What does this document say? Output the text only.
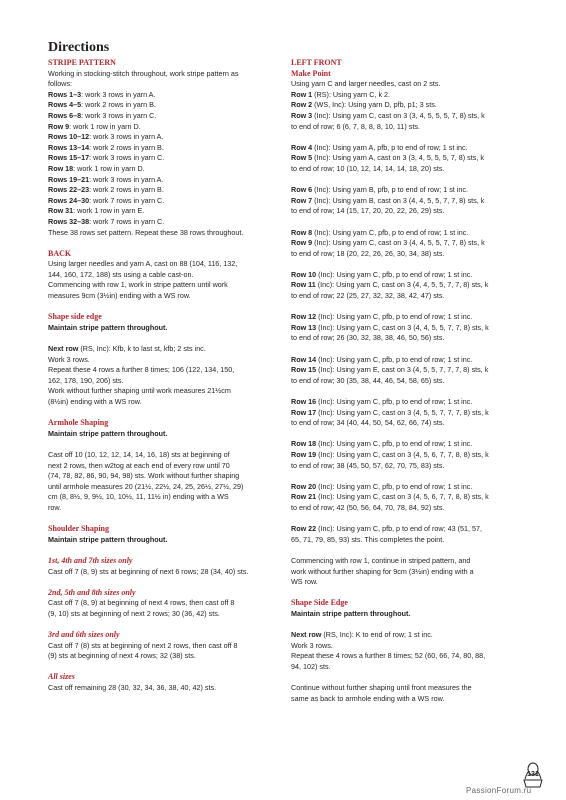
Directions

STRIPE PATTERN

Working in stocking-stitch throughout, work stripe pattern as

follows:

Rows 1–3: work 3 rows in yarn A.

Rows 4–5: work 2 rows in yarn B.

Rows 6–8: work 3 rows in yarn C.

Row 9: work 1 row in yarn D.

Rows 10–12: work 3 rows in yarn A.

Rows 13–14: work 2 rows in yarn B.

Rows 15–17: work 3 rows in yarn C.

Row 18: work 1 row in yarn D.

Rows 19–21: work 3 rows in yarn A.

Rows 22–23: work 2 rows in yarn B.

Rows 24–30: work 7 rows in yarn C.

Row 31: work 1 row in yarn E.

Rows 32–38: work 7 rows in yarn C.

These 38 rows set pattern. Repeat these 38 rows throughout.

BACK

Using larger needles and yarn A, cast on 88 (104, 116, 132,

144, 160, 172, 188) sts using a cable cast-on.

Commencing with row 1, work in stripe pattern until work

measures 9cm (3½in) ending with a WS row.

Shape side edge

Maintain stripe pattern throughout.

Next row (RS, Inc): Kfb, k to last st, kfb; 2 sts inc.

Work 3 rows.

Repeat these 4 rows a further 8 times; 106 (122, 134, 150,

162, 178, 190, 206) sts.

Work without further shaping until work measures 21½cm

(8½in) ending with a WS row.

Armhole Shaping

Maintain stripe pattern throughout.

Cast off 10 (10, 12, 12, 14, 14, 16, 18) sts at beginning of

next 2 rows, then w2tog at each end of every row until 70

(74, 78, 82, 86, 90, 94, 98) sts. Work without further shaping

until armhole measures 20 (21½, 22½, 24, 25, 26½, 27½, 29)

cm (8, 8½, 9, 9½, 10, 10½, 11, 11½ in) ending with a WS

row.

Shoulder Shaping

Maintain stripe pattern throughout.

1st, 4th and 7th sizes only

Cast off 7 (8, 9) sts at beginning of next 6 rows; 28 (34, 40) sts.

2nd, 5th and 8th sizes only

Cast off 7 (8, 9) at beginning of next 4 rows, then cast off 8

(9, 10) sts at beginning of next 2 rows; 30 (36, 42) sts.

3rd and 6th sizes only

Cast off 7 (8) sts at beginning of next 2 rows, then cast off 8

(9) sts at beginning of next 4 rows; 32 (38) sts.

All sizes

Cast off remaining 28 (30, 32, 34, 36, 38, 40, 42) sts.

LEFT FRONT

Make Point

Using yarn C and larger needles, cast on 2 sts.

Row 1 (RS): Using yarn C, k 2.

Row 2 (WS, Inc): Using yarn D, pfb, p1; 3 sts.

Row 3 (Inc): Using yarn C, cast on 3 (3, 4, 5, 5, 5, 7, 8) sts, k

to end of row; 6 (6, 7, 8, 8, 8, 10, 11) sts.

Row 4 (Inc): Using yarn A, pfb, p to end of row; 1 st inc.

Row 5 (Inc): Using yarn A, cast on 3 (3, 4, 5, 5, 5, 7, 8) sts, k

to end of row; 10 (10, 12, 14, 14, 14, 18, 20) sts.

Row 6 (Inc): Using yarn B, pfb, p to end of row; 1 st inc.

Row 7 (Inc): Using yarn B, cast on 3 (4, 4, 5, 5, 7, 7, 8) sts, k

to end of row; 14 (15, 17, 20, 20, 22, 26, 29) sts.

Row 8 (Inc): Using yarn C, pfb, p to end of row; 1 st inc.

Row 9 (Inc): Using yarn C, cast on 3 (4, 4, 5, 5, 7, 7, 8) sts, k

to end of row; 18 (20, 22, 26, 26, 30, 34, 38) sts.

Row 10 (Inc): Using yarn C, pfb, p to end of row; 1 st inc.

Row 11 (Inc): Using yarn C, cast on 3 (4, 4, 5, 5, 7, 7, 8) sts, k

to end of row; 22 (25, 27, 32, 32, 38, 42, 47) sts.

Row 12 (Inc): Using yarn C, pfb, p to end of row; 1 st inc.

Row 13 (Inc): Using yarn C, cast on 3 (4, 4, 5, 5, 7, 7, 8) sts, k

to end of row; 26 (30, 32, 38, 38, 46, 50, 56) sts.

Row 14 (Inc): Using yarn C, pfb, p to end of row; 1 st inc.

Row 15 (Inc): Using yarn E, cast on 3 (4, 5, 5, 7, 7, 7, 8) sts, k

to end of row; 30 (35, 38, 44, 46, 54, 58, 65) sts.

Row 16 (Inc): Using yarn C, pfb, p to end of row; 1 st inc.

Row 17 (Inc): Using yarn C, cast on 3 (4, 5, 5, 7, 7, 7, 8) sts, k

to end of row; 34 (40, 44, 50, 54, 62, 66, 74) sts.

Row 18 (Inc): Using yarn C, pfb, p to end of row; 1 st inc.

Row 19 (Inc): Using yarn C, cast on 3 (4, 5, 6, 7, 7, 8, 8) sts, k

to end of row; 38 (45, 50, 57, 62, 70, 75, 83) sts.

Row 20 (Inc): Using yarn C, pfb, p to end of row; 1 st inc.

Row 21 (Inc): Using yarn C, cast on 3 (4, 5, 6, 7, 7, 8, 8) sts, k

to end of row; 42 (50, 56, 64, 70, 78, 84, 92) sts.

Row 22 (Inc): Using yarn C, pfb, p to end of row; 43 (51, 57,

65, 71, 79, 85, 93) sts. This completes the point.

Commencing with row 1, continue in striped pattern, and

work without further shaping for 9cm (3½in) ending with a

WS row.

Shape Side Edge

Maintain stripe pattern throughout.

Next row (RS, Inc): K to end of row; 1 st inc.

Work 3 rows.

Repeat these 4 rows a further 8 times; 52 (60, 66, 74, 80, 88,

94, 102) sts.

Continue without further shaping until front measures the

same as back to armhole ending with a WS row.

131
PassionForum.ru
